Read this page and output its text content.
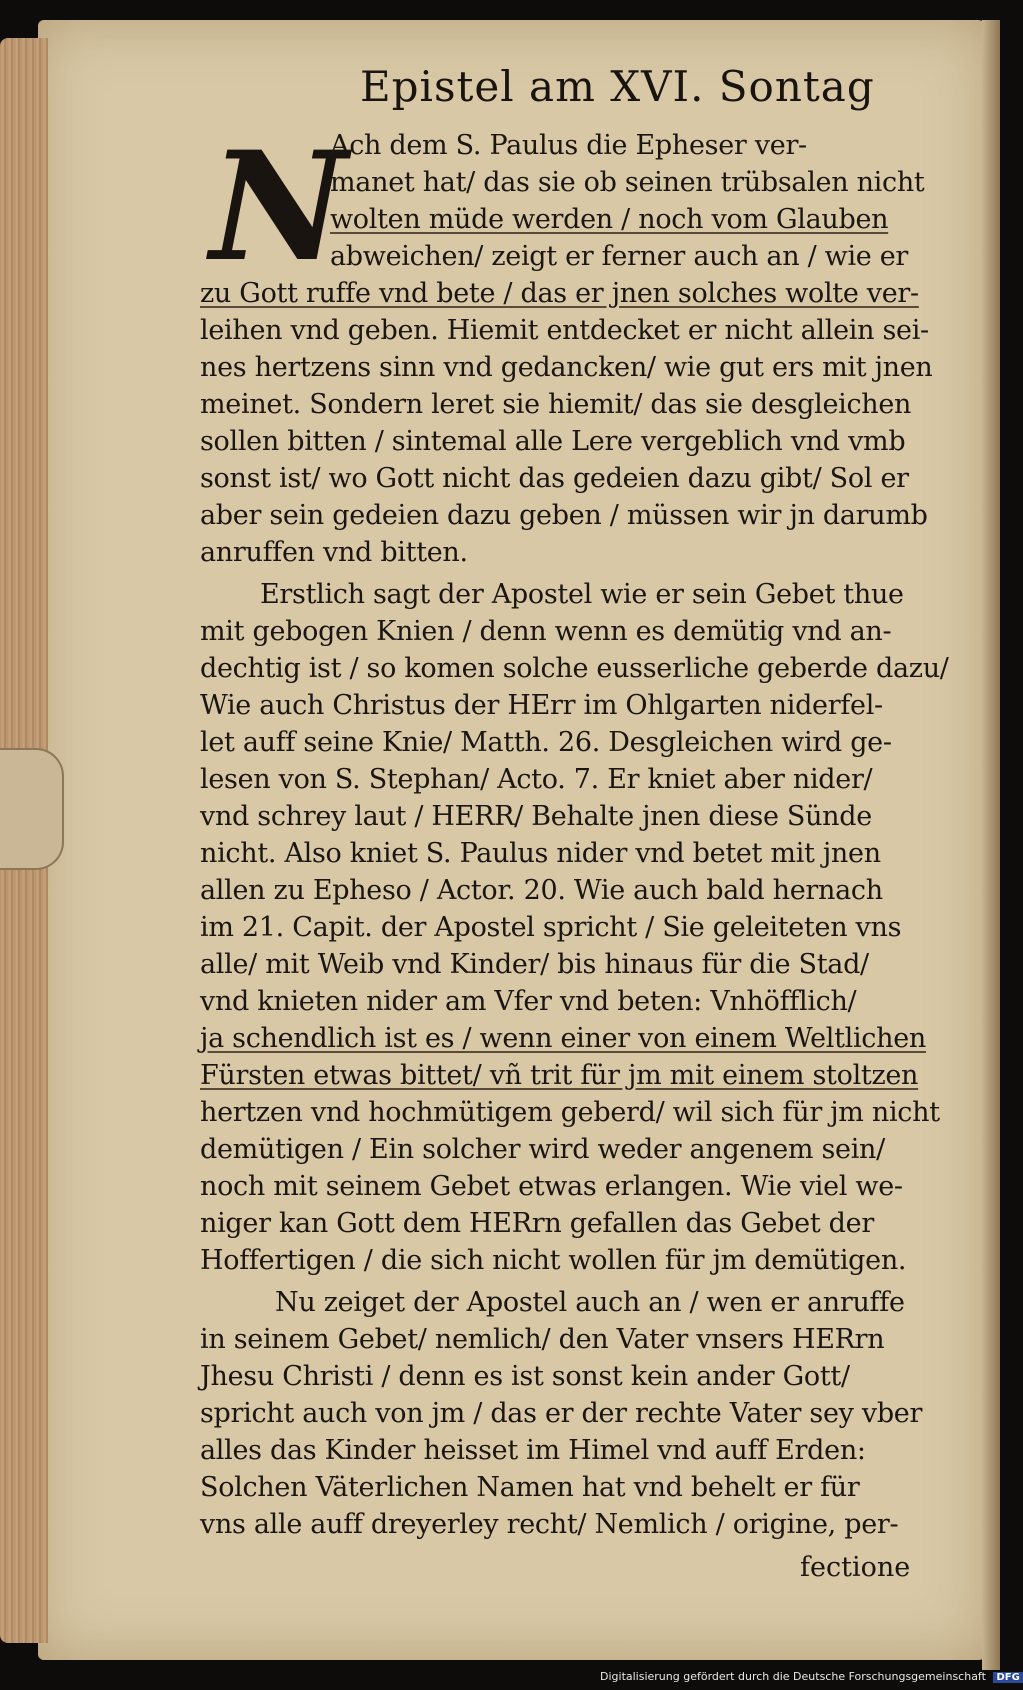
Epistel am XVI. Sontag
N
Ach dem S. Paulus die Epheser ver-
manet hat/ das sie ob seinen trübsalen nicht
wolten müde werden / noch vom Glauben
abweichen/ zeigt er ferner auch an / wie er
zu Gott ruffe vnd bete / das er jnen solches wolte ver-
leihen vnd geben. Hiemit entdecket er nicht allein sei-
nes hertzens sinn vnd gedancken/ wie gut ers mit jnen
meinet. Sondern leret sie hiemit/ das sie desgleichen
sollen bitten / sintemal alle Lere vergeblich vnd vmb
sonst ist/ wo Gott nicht das gedeien dazu gibt/ Sol er
aber sein gedeien dazu geben / müssen wir jn darumb
anruffen vnd bitten.
Erstlich sagt der Apostel wie er sein Gebet thue
mit gebogen Knien / denn wenn es demütig vnd an-
dechtig ist / so komen solche eusserliche geberde dazu/
Wie auch Christus der HErr im Ohlgarten niderfel-
let auff seine Knie/ Matth. 26. Desgleichen wird ge-
lesen von S. Stephan/ Acto. 7. Er kniet aber nider/
vnd schrey laut / HERR/ Behalte jnen diese Sünde
nicht. Also kniet S. Paulus nider vnd betet mit jnen
allen zu Epheso / Actor. 20. Wie auch bald hernach
im 21. Capit. der Apostel spricht / Sie geleiteten vns
alle/ mit Weib vnd Kinder/ bis hinaus für die Stad/
vnd knieten nider am Vfer vnd beten: Vnhöfflich/
ja schendlich ist es / wenn einer von einem Weltlichen
Fürsten etwas bittet/ vñ trit für jm mit einem stoltzen
hertzen vnd hochmütigem geberd/ wil sich für jm nicht
demütigen / Ein solcher wird weder angenem sein/
noch mit seinem Gebet etwas erlangen. Wie viel we-
niger kan Gott dem HERrn gefallen das Gebet der
Hoffertigen / die sich nicht wollen für jm demütigen.
Nu zeiget der Apostel auch an / wen er anruffe
in seinem Gebet/ nemlich/ den Vater vnsers HERrn
Jhesu Christi / denn es ist sonst kein ander Gott/
spricht auch von jm / das er der rechte Vater sey vber
alles das Kinder heisset im Himel vnd auff Erden:
Solchen Väterlichen Namen hat vnd behelt er für
vns alle auff dreyerley recht/ Nemlich / origine, per-
fectione
Digitalisierung gefördert durch die Deutsche Forschungsgemeinschaft DFG
